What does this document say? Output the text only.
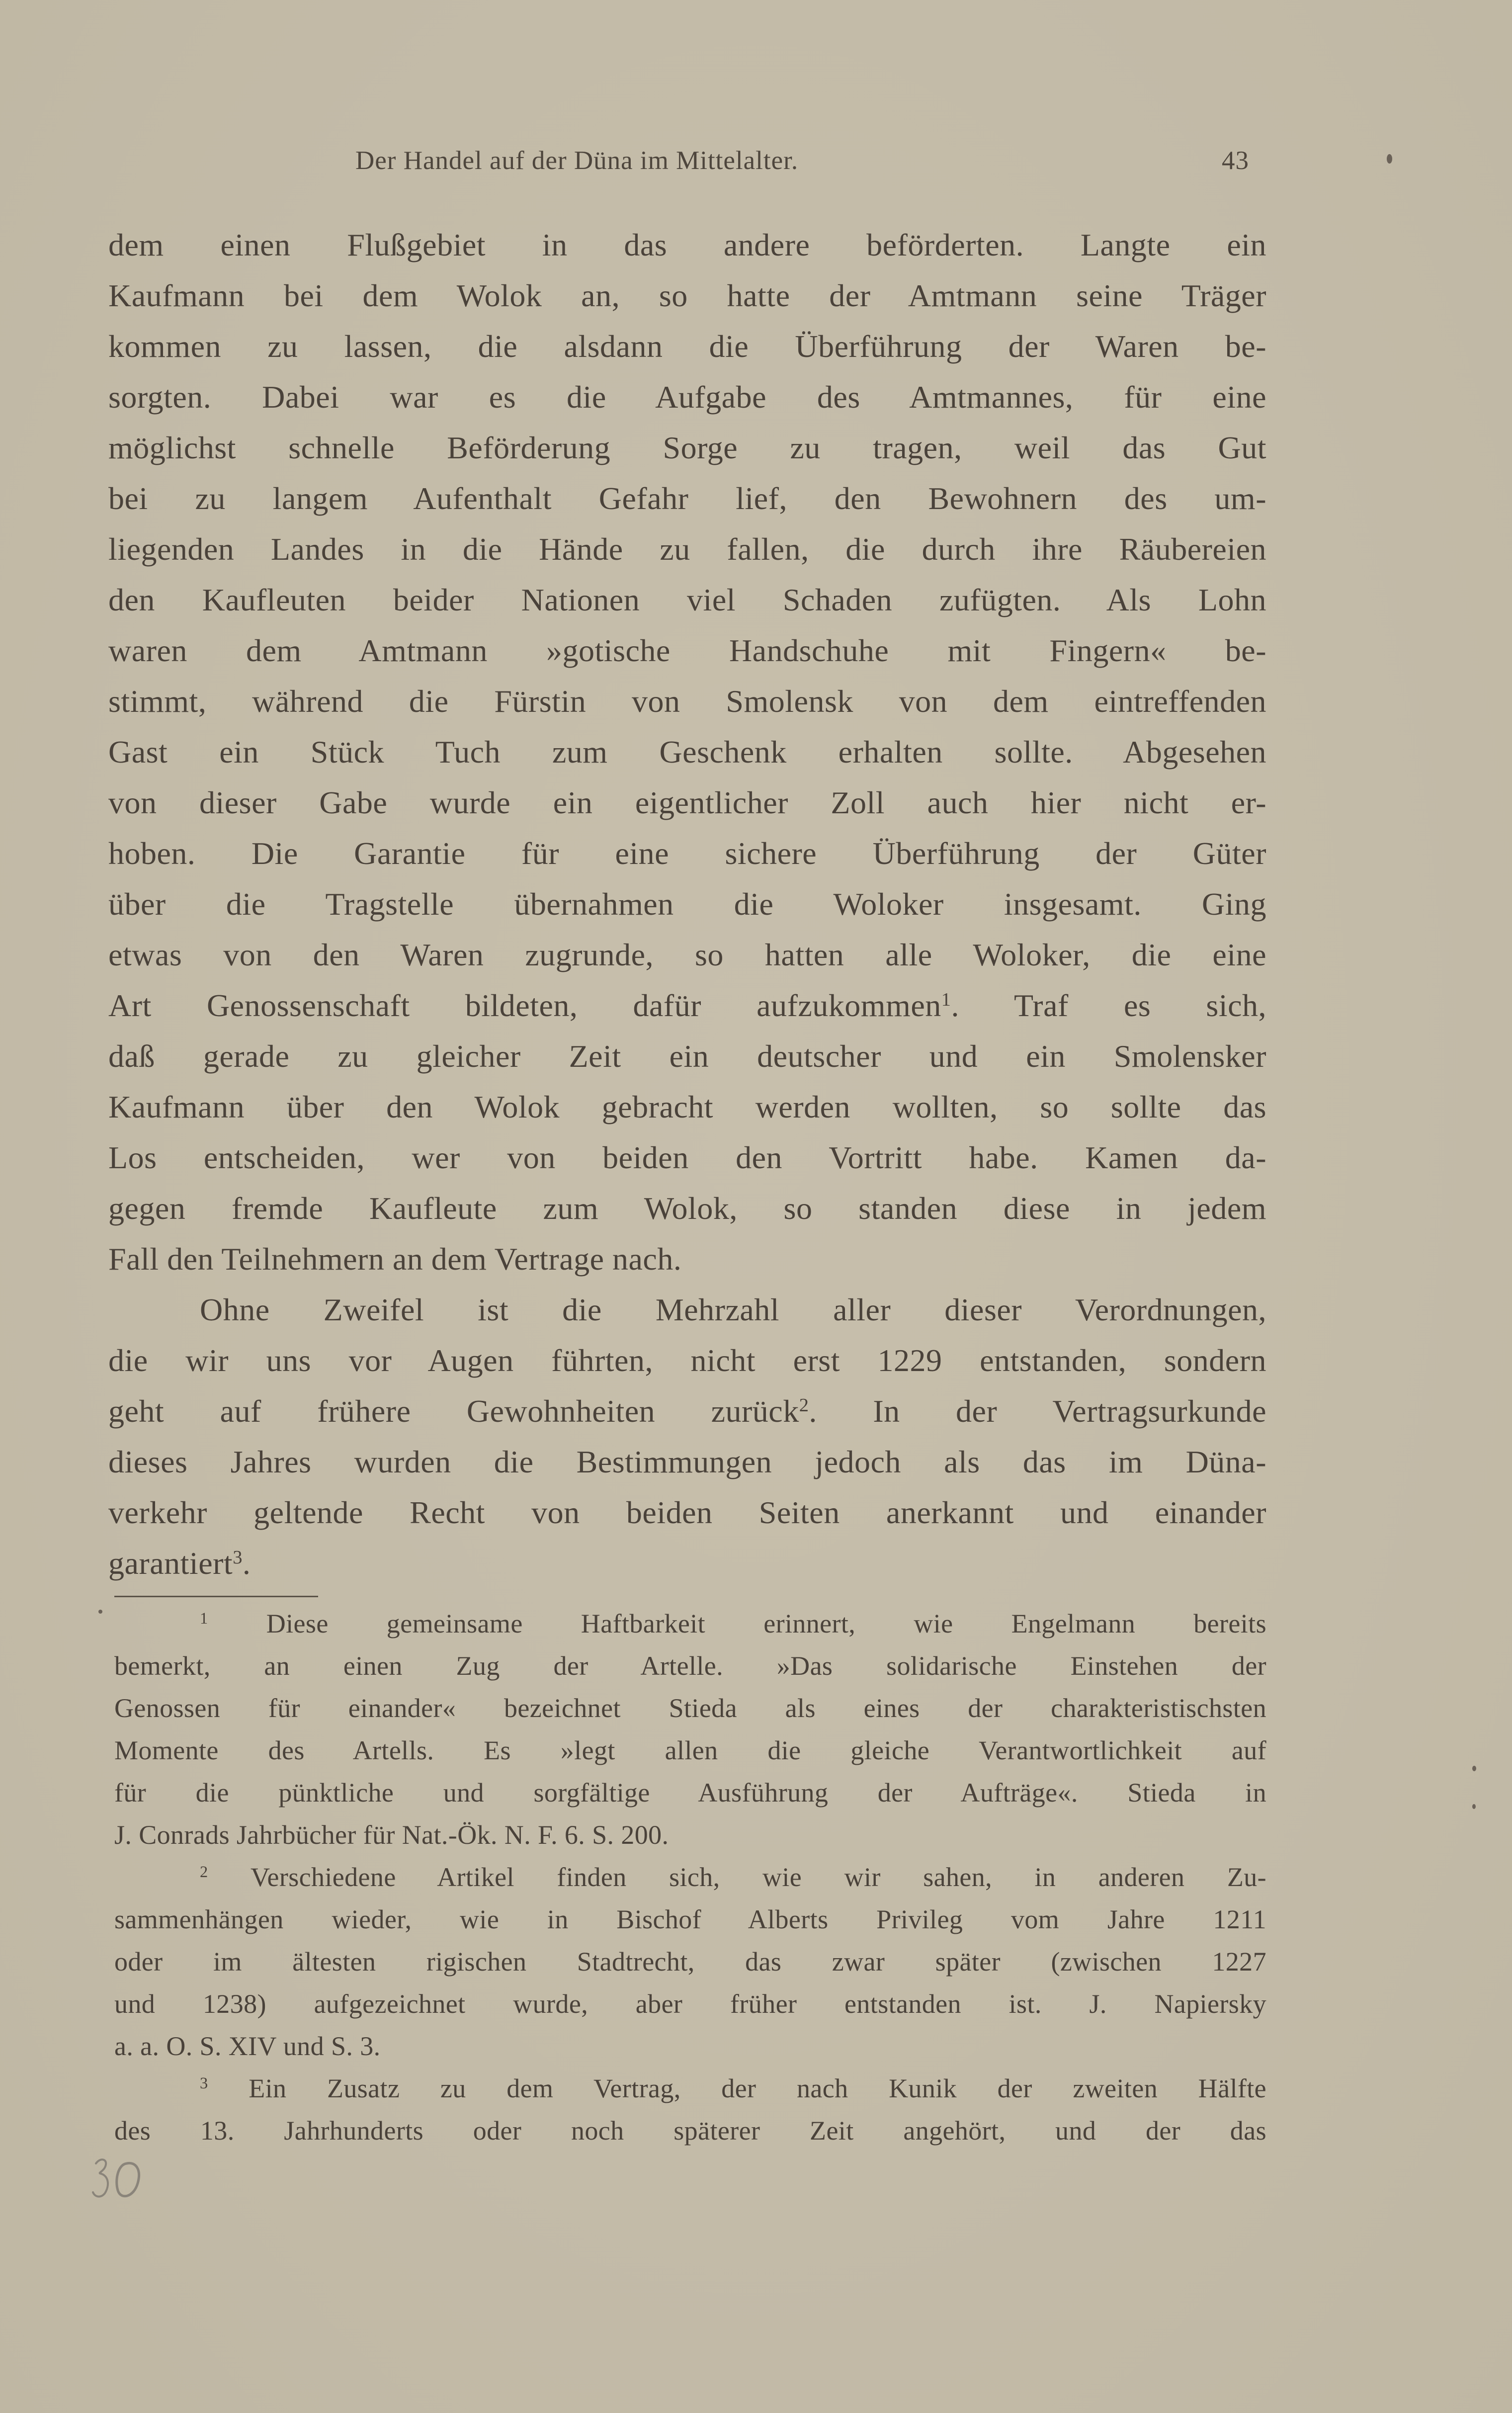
Der Handel auf der Düna im Mittelalter.	43
dem einen Flußgebiet in das andere beförderten. Langte ein
Kaufmann bei dem Wolok an, so hatte der Amtmann seine Träger
kommen zu lassen, die alsdann die Überführung der Waren be-
sorgten. Dabei war es die Aufgabe des Amtmannes, für eine
möglichst schnelle Beförderung Sorge zu tragen, weil das Gut
bei zu langem Aufenthalt Gefahr lief, den Bewohnern des um-
liegenden Landes in die Hände zu fallen, die durch ihre Räubereien
den Kaufleuten beider Nationen viel Schaden zufügten. Als Lohn
waren dem Amtmann »gotische Handschuhe mit Fingern« be-
stimmt, während die Fürstin von Smolensk von dem eintreffenden
Gast ein Stück Tuch zum Geschenk erhalten sollte. Abgesehen
von dieser Gabe wurde ein eigentlicher Zoll auch hier nicht er-
hoben. Die Garantie für eine sichere Überführung der Güter
über die Tragstelle übernahmen die Woloker insgesamt. Ging
etwas von den Waren zugrunde, so hatten alle Woloker, die eine
Art Genossenschaft bildeten, dafür aufzukommen$^1$. Traf es sich,
daß gerade zu gleicher Zeit ein deutscher und ein Smolensker
Kaufmann über den Wolok gebracht werden wollten, so sollte das
Los entscheiden, wer von beiden den Vortritt habe. Kamen da-
gegen fremde Kaufleute zum Wolok, so standen diese in jedem
Fall den Teilnehmern an dem Vertrage nach.
Ohne Zweifel ist die Mehrzahl aller dieser Verordnungen,
die wir uns vor Augen führten, nicht erst 1229 entstanden, sondern
geht auf frühere Gewohnheiten zurück$^2$. In der Vertragsurkunde
dieses Jahres wurden die Bestimmungen jedoch als das im Düna-
verkehr geltende Recht von beiden Seiten anerkannt und einander
garantiert$^3$.
$^1$ Diese gemeinsame Haftbarkeit erinnert, wie Engelmann bereits
bemerkt, an einen Zug der Artelle. »Das solidarische Einstehen der
Genossen für einander« bezeichnet Stieda als eines der charakteristischsten
Momente des Artells. Es »legt allen die gleiche Verantwortlichkeit auf
für die pünktliche und sorgfältige Ausführung der Aufträge«. Stieda in
J. Conrads Jahrbücher für Nat.-Ök. N. F. 6. S. 200.
$^2$ Verschiedene Artikel finden sich, wie wir sahen, in anderen Zu-
sammenhängen wieder, wie in Bischof Alberts Privileg vom Jahre 1211
oder im ältesten rigischen Stadtrecht, das zwar später (zwischen 1227
und 1238) aufgezeichnet wurde, aber früher entstanden ist. J. Napiersky
a. a. O. S. XIV und S. 3.
$^3$ Ein Zusatz zu dem Vertrag, der nach Kunik der zweiten Hälfte
des 13. Jahrhunderts oder noch späterer Zeit angehört, und der das
